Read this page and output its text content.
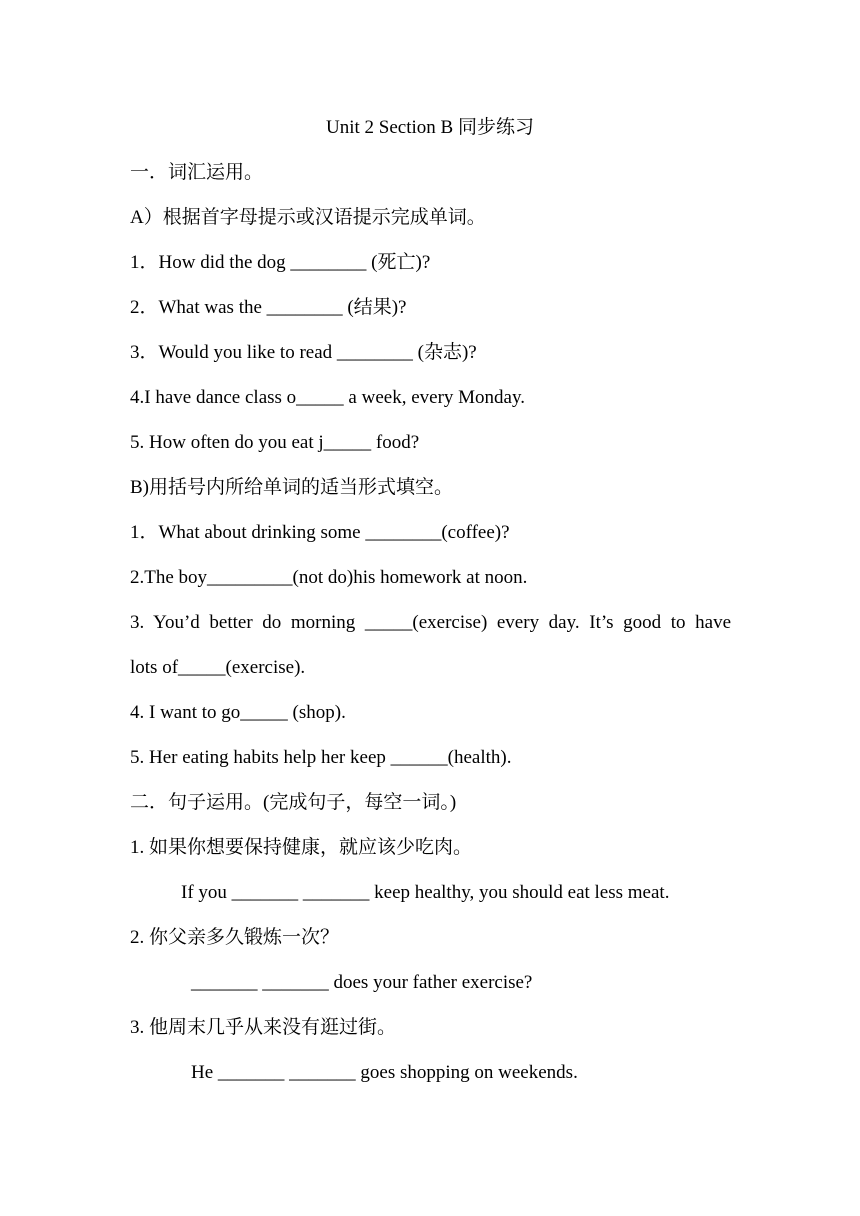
Unit 2 Section B 同步练习
一．词汇运用。
A）根据首字母提示或汉语提示完成单词。
1．How did the dog ________ (死亡)?
2．What was the ________ (结果)?
3．Would you like to read ________ (杂志)?
4.I have dance class o_____ a week, every Monday.
5. How often do you eat j_____ food?
B)用括号内所给单词的适当形式填空。
1．What about drinking some ________(coffee)?
2.The boy_________(not do)his homework at noon.
3. You’d better do morning _____(exercise) every day. It’s good to have
lots of_____(exercise).
4. I want to go_____ (shop).
5. Her eating habits help her keep ______(health).
二．句子运用。(完成句子，每空一词。)
1. 如果你想要保持健康，就应该少吃肉。
If you _______ _______ keep healthy, you should eat less meat.
2. 你父亲多久锻炼一次？
_______ _______ does your father exercise?
3. 他周末几乎从来没有逛过街。
He _______ _______ goes shopping on weekends.
